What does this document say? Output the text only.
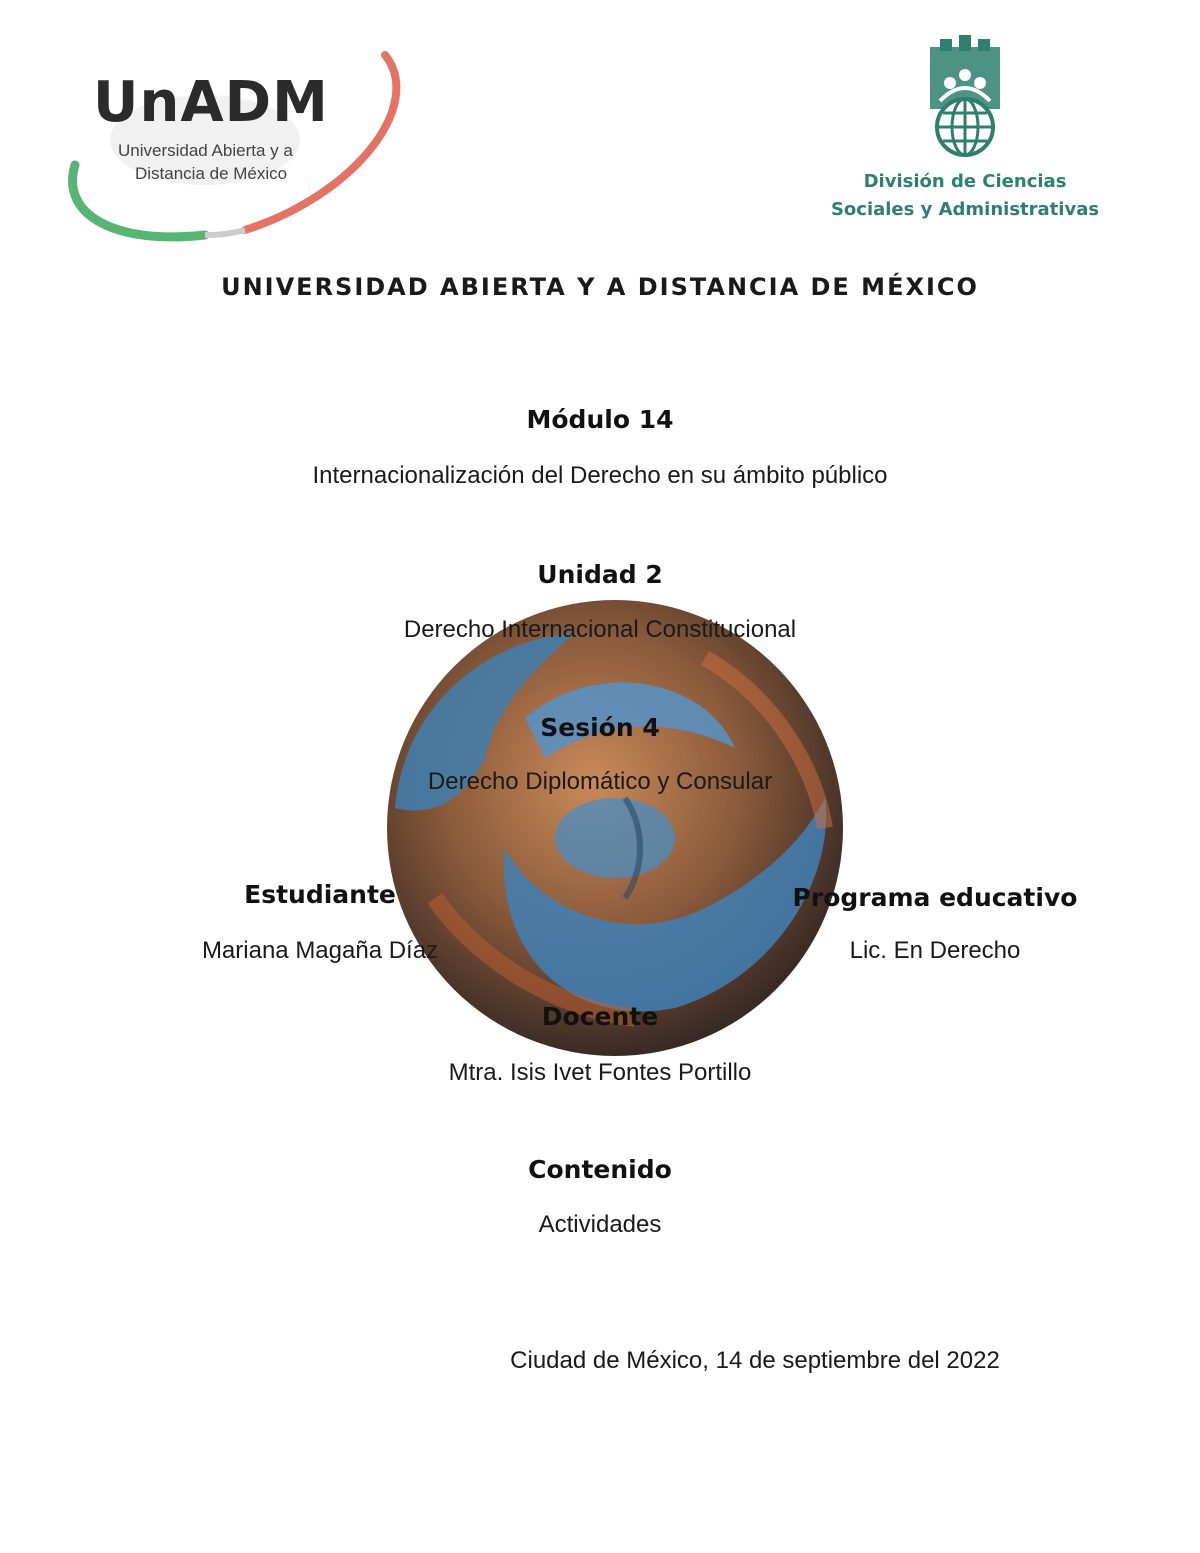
UnADM
Universidad Abierta y a
Distancia de México	División de Ciencias
Sociales y Administrativas
UNIVERSIDAD ABIERTA Y A DISTANCIA DE MÉXICO
Módulo 14
Internacionalización del Derecho en su ámbito público
Unidad 2
Derecho Internacional Constitucional
Sesión 4
Derecho Diplomático y Consular
Estudiante
Mariana Magaña Díaz
Programa educativo
Lic. En Derecho
Docente
Mtra. Isis Ivet Fontes Portillo
Contenido
Actividades
Ciudad de México, 14 de septiembre del 2022
